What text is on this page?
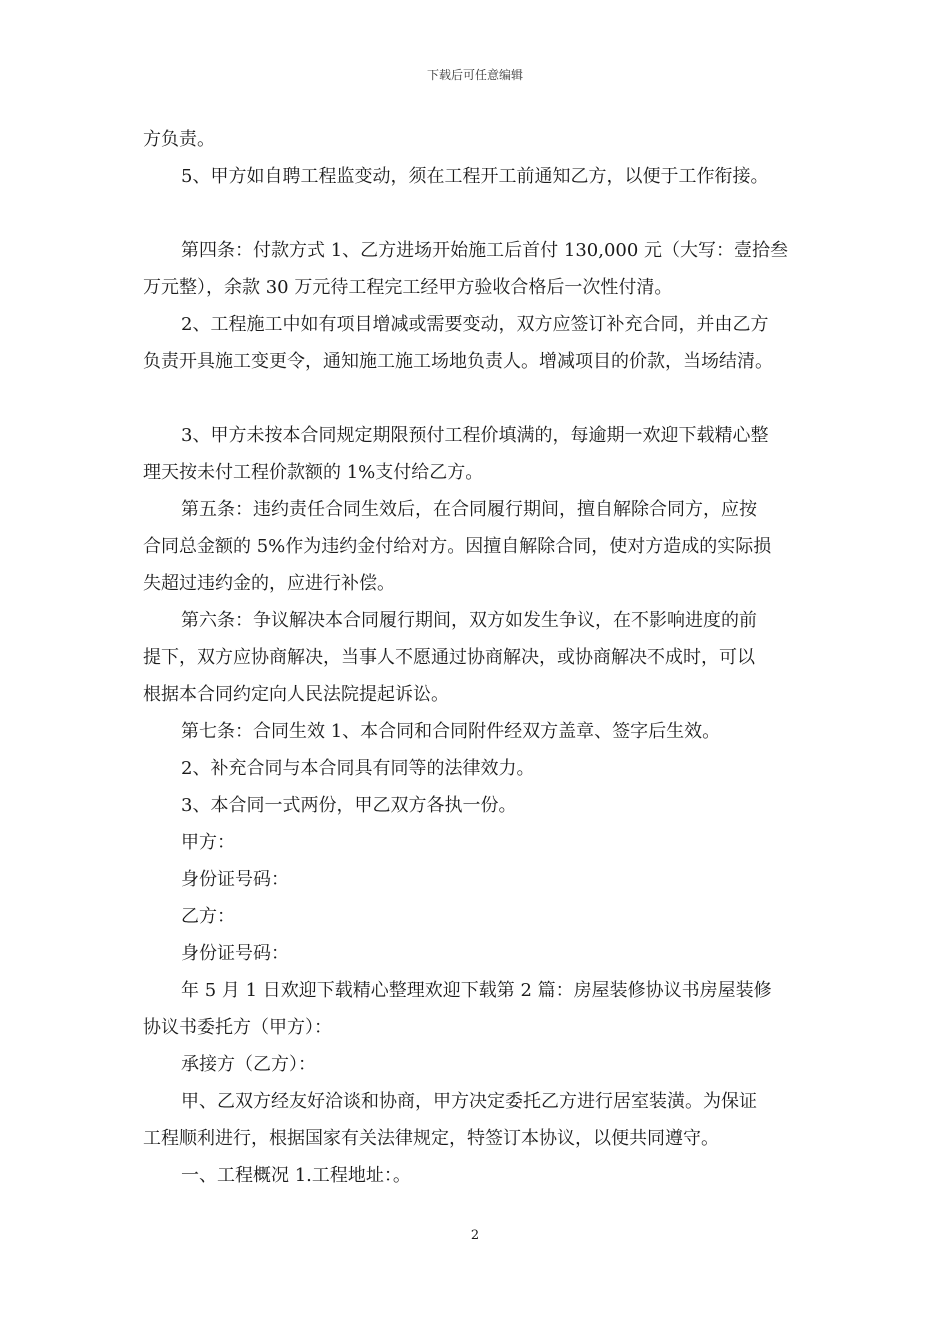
下载后可任意编辑
方负责。
5、甲方如自聘工程监变动，须在工程开工前通知乙方，以便于工作衔接。
第四条：付款方式 1、乙方进场开始施工后首付 130,000 元（大写：壹拾叁
万元整），余款 30 万元待工程完工经甲方验收合格后一次性付清。
2、工程施工中如有项目增减或需要变动，双方应签订补充合同，并由乙方
负责开具施工变更令，通知施工施工场地负责人。增减项目的价款，当场结清。
3、甲方未按本合同规定期限预付工程价填满的，每逾期一欢迎下载精心整
理天按未付工程价款额的 1%支付给乙方。
第五条：违约责任合同生效后，在合同履行期间，擅自解除合同方，应按
合同总金额的 5%作为违约金付给对方。因擅自解除合同，使对方造成的实际损
失超过违约金的，应进行补偿。
第六条：争议解决本合同履行期间，双方如发生争议，在不影响进度的前
提下，双方应协商解决，当事人不愿通过协商解决，或协商解决不成时，可以
根据本合同约定向人民法院提起诉讼。
第七条：合同生效 1、本合同和合同附件经双方盖章、签字后生效。
2、补充合同与本合同具有同等的法律效力。
3、本合同一式两份，甲乙双方各执一份。
甲方：
身份证号码：
乙方：
身份证号码：
年 5 月 1 日欢迎下载精心整理欢迎下载第 2 篇：房屋装修协议书房屋装修
协议书委托方（甲方）：
承接方（乙方）：
甲、乙双方经友好洽谈和协商，甲方决定委托乙方进行居室装潢。为保证
工程顺利进行，根据国家有关法律规定，特签订本协议，以便共同遵守。
一、工程概况 1.工程地址：。
2
